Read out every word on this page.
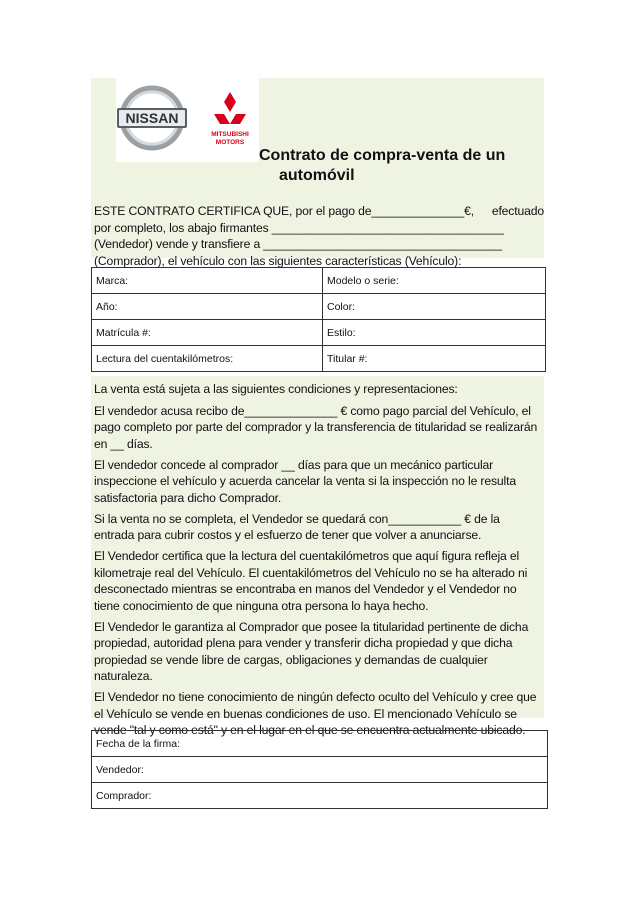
NISSAN
MITSUBISHI
MOTORS
Contrato de compra-venta de un
automóvil
ESTE CONTRATO CERTIFICA QUE, por el pago de______________€, efectuado
por completo, los abajo firmantes ___________________________________
(Vendedor) vende y transfiere a ____________________________________
(Comprador), el vehículo con las siguientes características (Vehículo):
Marca:	Modelo o serie:
Año:	Color:
Matrícula #:	Estilo:
Lectura del cuentakilómetros:	Titular #:

La venta está sujeta a las siguientes condiciones y representaciones:

El vendedor acusa recibo de______________ € como pago parcial del Vehículo, el
pago completo por parte del comprador y la transferencia de titularidad se realizarán
en __ días.

El vendedor concede al comprador __ días para que un mecánico particular
inspeccione el vehículo y acuerda cancelar la venta si la inspección no le resulta
satisfactoria para dicho Comprador.

Si la venta no se completa, el Vendedor se quedará con___________ € de la
entrada para cubrir costos y el esfuerzo de tener que volver a anunciarse.

El Vendedor certifica que la lectura del cuentakilómetros que aquí figura refleja el
kilometraje real del Vehículo. El cuentakilómetros del Vehículo no se ha alterado ni
desconectado mientras se encontraba en manos del Vendedor y el Vendedor no
tiene conocimiento de que ninguna otra persona lo haya hecho.

El Vendedor le garantiza al Comprador que posee la titularidad pertinente de dicha
propiedad, autoridad plena para vender y transferir dicha propiedad y que dicha
propiedad se vende libre de cargas, obligaciones y demandas de cualquier
naturaleza.

El Vendedor no tiene conocimiento de ningún defecto oculto del Vehículo y cree que
el Vehículo se vende en buenas condiciones de uso. El mencionado Vehículo se
vende "tal y como está" y en el lugar en el que se encuentra actualmente ubicado.

Fecha de la firma:
Vendedor:
Comprador:
